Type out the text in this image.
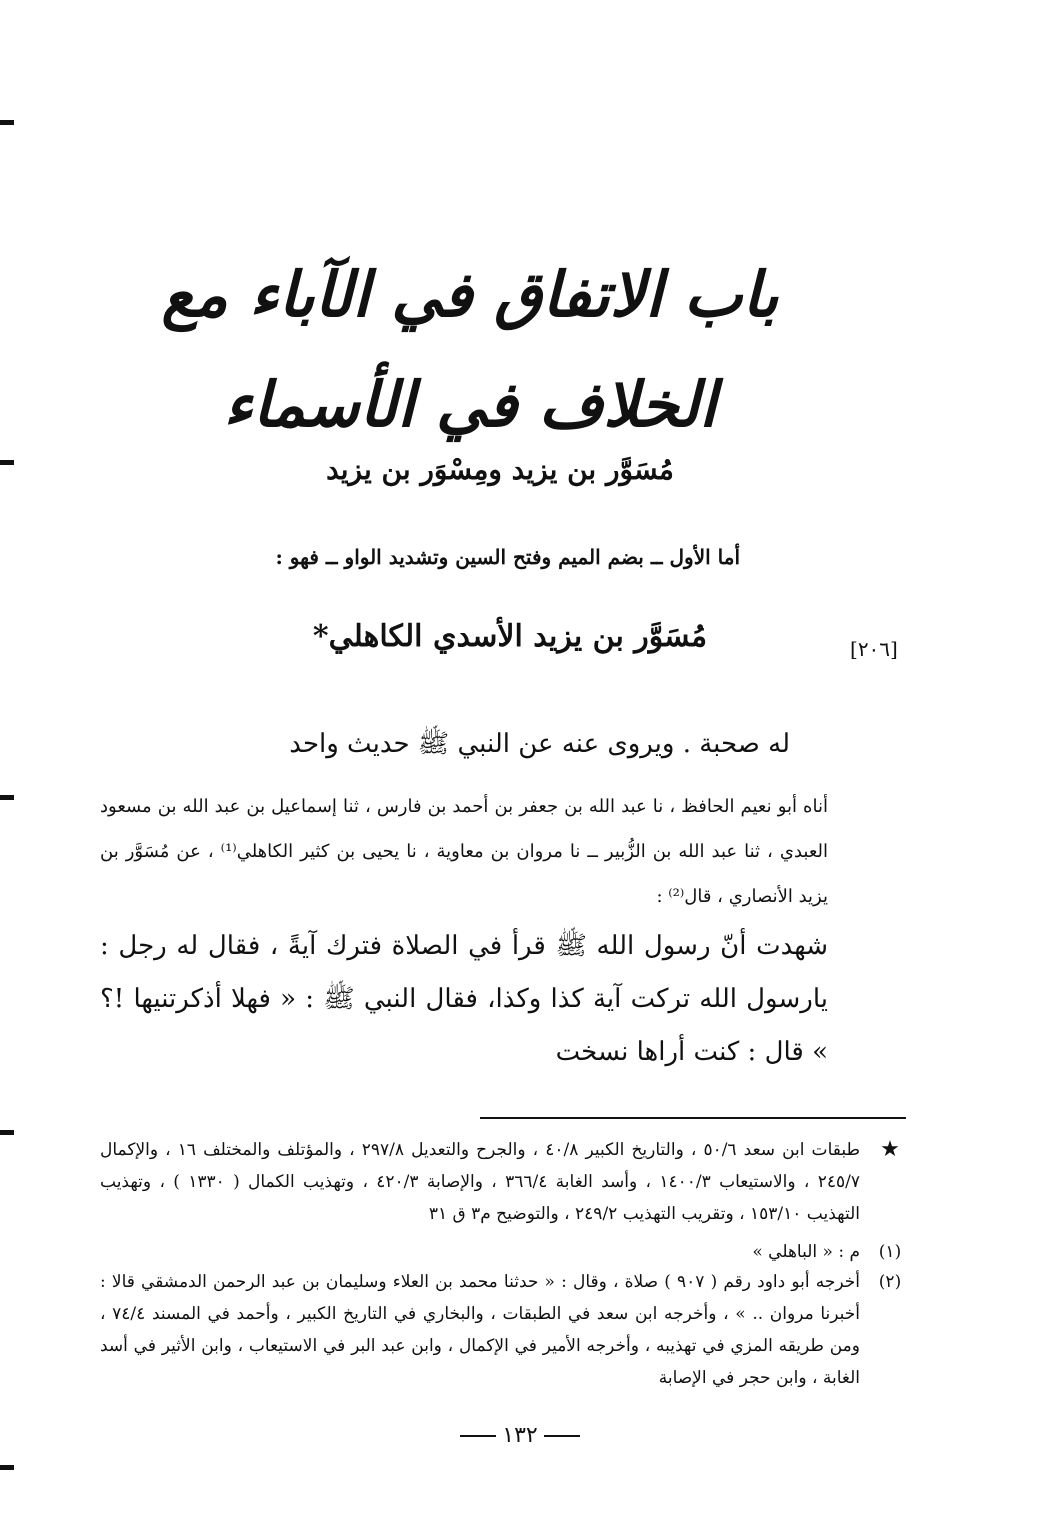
باب الاتفاق في الآباء مع الخلاف في الأسماء
مُسَوَّر بن يزيد ومِسْوَر بن يزيد
أما الأول ــ بضم الميم وفتح السين وتشديد الواو ــ فهو :
[٢٠٦]
مُسَوَّر بن يزيد الأسدي الكاهلي*
له صحبة . ويروى عنه عن النبي ﷺ حديث واحد
أناه أبو نعيم الحافظ ، نا عبد الله بن جعفر بن أحمد بن فارس ، ثنا إسماعيل بن عبد الله بن مسعود العبدي ، ثنا عبد الله بن الزُّبير ــ نا مروان بن معاوية ، نا يحيى بن كثير الكاهلي⁽¹⁾ ، عن مُسَوَّر بن يزيد الأنصاري ، قال⁽²⁾ :
شهدت أنّ رسول الله ﷺ قرأ في الصلاة فترك آيةً ، فقال له رجل : يارسول الله تركت آية كذا وكذا، فقال النبي ﷺ : « فهلا أذكرتنيها !؟ » قال : كنت أراها نسخت
★
طبقات ابن سعد ٥٠/٦ ، والتاريخ الكبير ٤٠/٨ ، والجرح والتعديل ٢٩٧/٨ ، والمؤتلف والمختلف ١٦ ، والإكمال ٢٤٥/٧ ، والاستيعاب ١٤٠٠/٣ ، وأسد الغابة ٣٦٦/٤ ، والإصابة ٤٢٠/٣ ، وتهذيب الكمال ( ١٣٣٠ ) ، وتهذيب التهذيب ١٥٣/١٠ ، وتقريب التهذيب ٢٤٩/٢ ، والتوضيح م٣ ق ٣١
(١)
م : « الباهلي »
(٢)
أخرجه أبو داود رقم ( ٩٠٧ ) صلاة ، وقال : « حدثنا محمد بن العلاء وسليمان بن عبد الرحمن الدمشقي قالا : أخبرنا مروان .. » ، وأخرجه ابن سعد في الطبقات ، والبخاري في التاريخ الكبير ، وأحمد في المسند ٧٤/٤ ، ومن طريقه المزي في تهذيبه ، وأخرجه الأمير في الإكمال ، وابن عبد البر في الاستيعاب ، وابن الأثير في أسد الغابة ، وابن حجر في الإصابة
١٣٢
